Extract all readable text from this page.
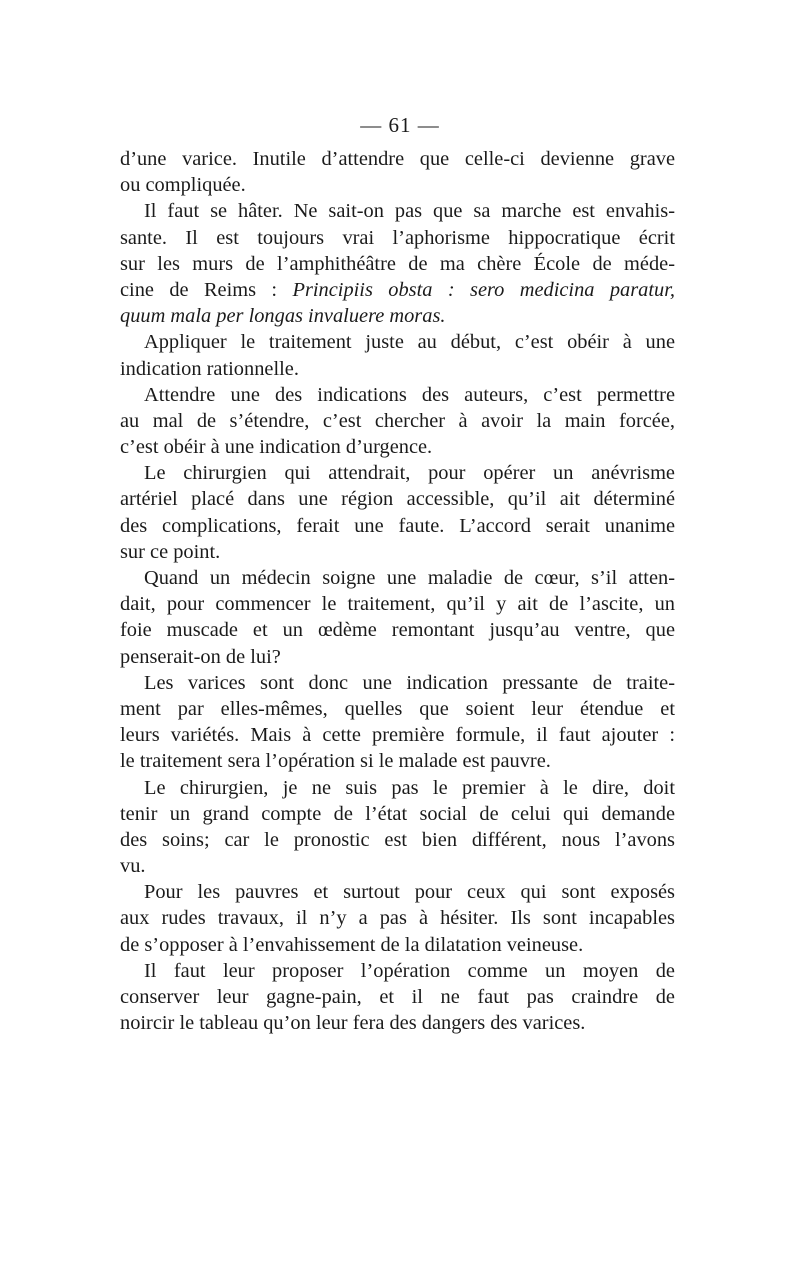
— 61 —
d’une varice. Inutile d’attendre que celle-ci devienne grave
ou compliquée.
Il faut se hâter. Ne sait-on pas que sa marche est envahis-
sante. Il est toujours vrai l’aphorisme hippocratique écrit
sur les murs de l’amphithéâtre de ma chère École de méde-
cine de Reims : Principiis obsta : sero medicina paratur,
quum mala per longas invaluere moras.
Appliquer le traitement juste au début, c’est obéir à une
indication rationnelle.
Attendre une des indications des auteurs, c’est permettre
au mal de s’étendre, c’est chercher à avoir la main forcée,
c’est obéir à une indication d’urgence.
Le chirurgien qui attendrait, pour opérer un anévrisme
artériel placé dans une région accessible, qu’il ait déterminé
des complications, ferait une faute. L’accord serait unanime
sur ce point.
Quand un médecin soigne une maladie de cœur, s’il atten-
dait, pour commencer le traitement, qu’il y ait de l’ascite, un
foie muscade et un œdème remontant jusqu’au ventre, que
penserait-on de lui?
Les varices sont donc une indication pressante de traite-
ment par elles-mêmes, quelles que soient leur étendue et
leurs variétés. Mais à cette première formule, il faut ajouter :
le traitement sera l’opération si le malade est pauvre.
Le chirurgien, je ne suis pas le premier à le dire, doit
tenir un grand compte de l’état social de celui qui demande
des soins; car le pronostic est bien différent, nous l’avons
vu.
Pour les pauvres et surtout pour ceux qui sont exposés
aux rudes travaux, il n’y a pas à hésiter. Ils sont incapables
de s’opposer à l’envahissement de la dilatation veineuse.
Il faut leur proposer l’opération comme un moyen de
conserver leur gagne-pain, et il ne faut pas craindre de
noircir le tableau qu’on leur fera des dangers des varices.
